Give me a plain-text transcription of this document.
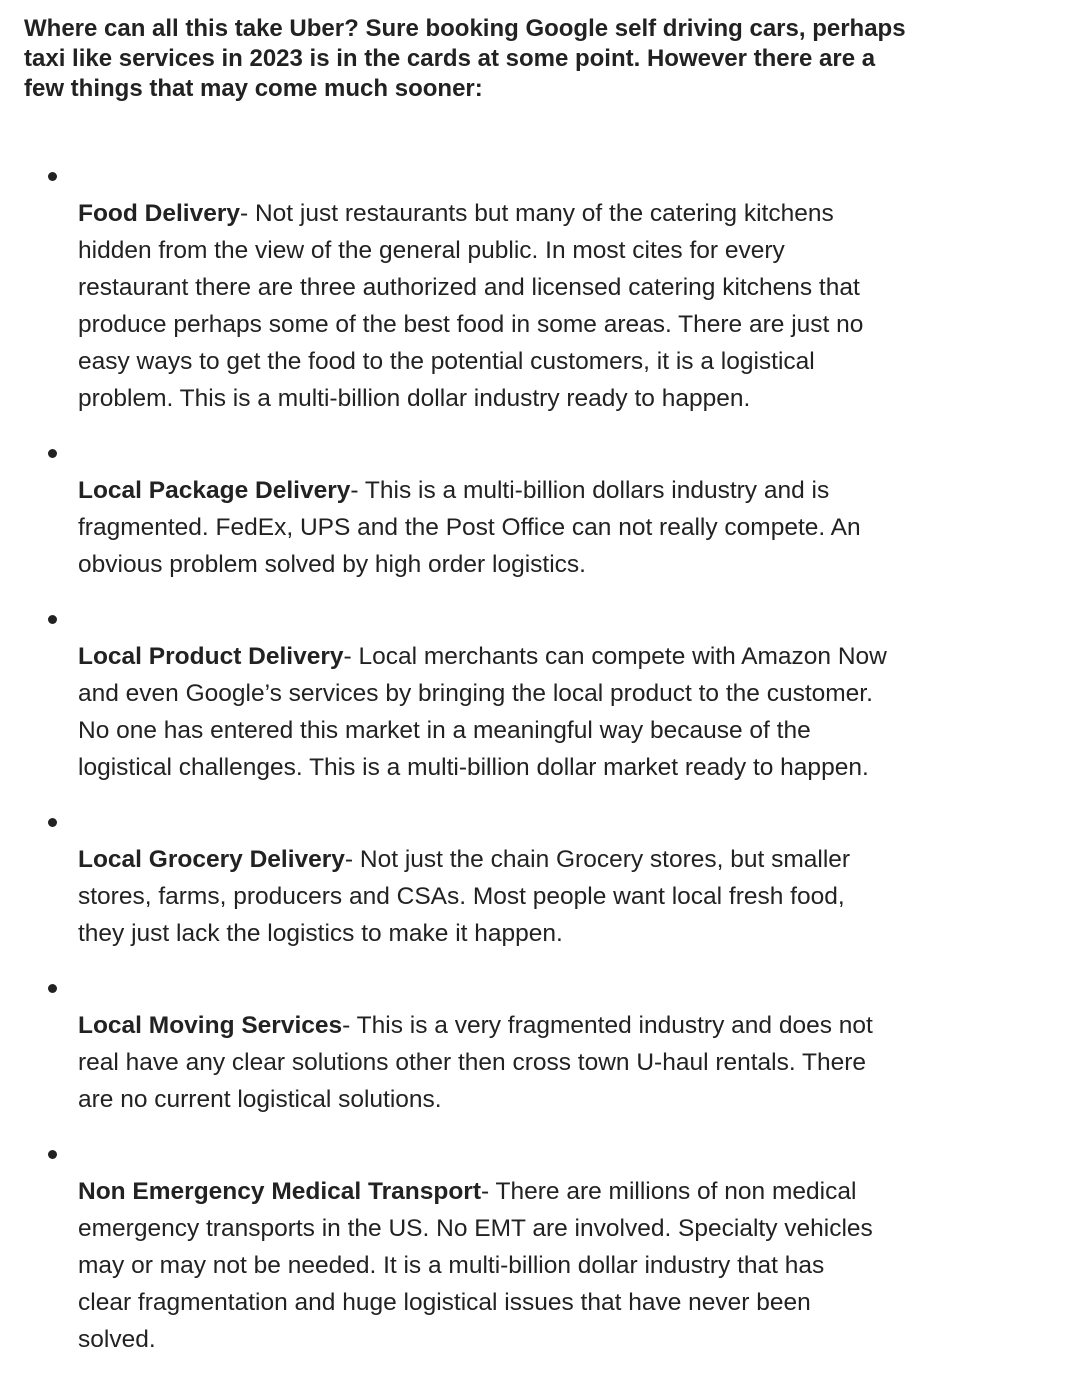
Where can all this take Uber? Sure booking Google self driving cars, perhaps
taxi like services in 2023 is in the cards at some point. However there are a
few things that may come much sooner:

Food Delivery- Not just restaurants but many of the catering kitchens
hidden from the view of the general public. In most cites for every
restaurant there are three authorized and licensed catering kitchens that
produce perhaps some of the best food in some areas. There are just no
easy ways to get the food to the potential customers, it is a logistical
problem. This is a multi-billion dollar industry ready to happen.

Local Package Delivery- This is a multi-billion dollars industry and is
fragmented. FedEx, UPS and the Post Office can not really compete. An
obvious problem solved by high order logistics.

Local Product Delivery- Local merchants can compete with Amazon Now
and even Google’s services by bringing the local product to the customer.
No one has entered this market in a meaningful way because of the
logistical challenges. This is a multi-billion dollar market ready to happen.

Local Grocery Delivery- Not just the chain Grocery stores, but smaller
stores, farms, producers and CSAs. Most people want local fresh food,
they just lack the logistics to make it happen.

Local Moving Services- This is a very fragmented industry and does not
real have any clear solutions other then cross town U-haul rentals. There
are no current logistical solutions.

Non Emergency Medical Transport- There are millions of non medical
emergency transports in the US. No EMT are involved. Specialty vehicles
may or may not be needed. It is a multi-billion dollar industry that has
clear fragmentation and huge logistical issues that have never been
solved.
